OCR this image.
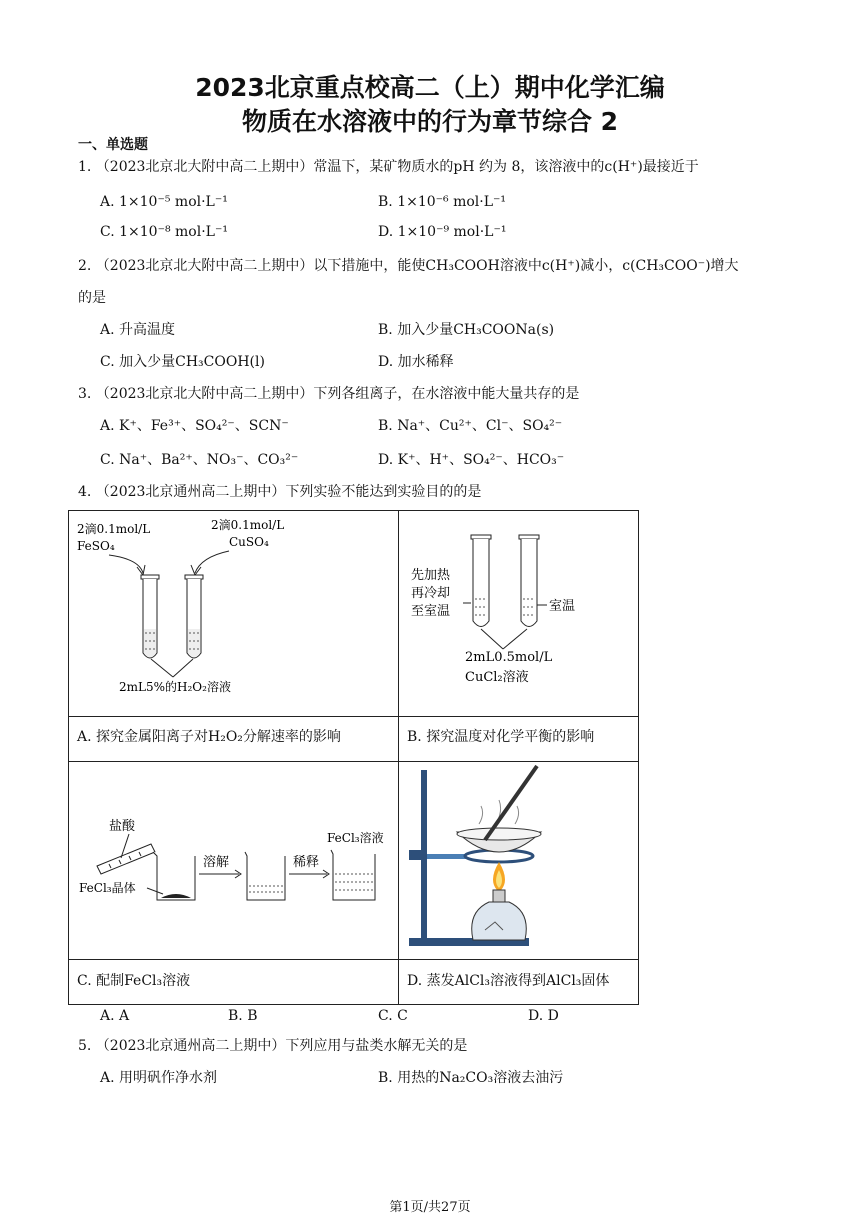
2023北京重点校高二（上）期中化学汇编
物质在水溶液中的行为章节综合 2
一、单选题
1. （2023北京北大附中高二上期中）常温下，某矿物质水的pH 约为 8，该溶液中的c(H⁺)最接近于
A. 1×10⁻⁵ mol·L⁻¹	B. 1×10⁻⁶ mol·L⁻¹
C. 1×10⁻⁸ mol·L⁻¹	D. 1×10⁻⁹ mol·L⁻¹
2. （2023北京北大附中高二上期中）以下措施中，能使CH₃COOH溶液中c(H⁺)减小，c(CH₃COO⁻)增大
的是
A. 升高温度	B. 加入少量CH₃COONa(s)
C. 加入少量CH₃COOH(l)	D. 加水稀释
3. （2023北京北大附中高二上期中）下列各组离子，在水溶液中能大量共存的是
A. K⁺、Fe³⁺、SO₄²⁻、SCN⁻	B. Na⁺、Cu²⁺、Cl⁻、SO₄²⁻
C. Na⁺、Ba²⁺、NO₃⁻、CO₃²⁻	D. K⁺、H⁺、SO₄²⁻、HCO₃⁻
4. （2023北京通州高二上期中）下列实验不能达到实验目的的是
2滴0.1mol/L
FeSO₄
2滴0.1mol/L
CuSO₄
2mL5%的H₂O₂溶液
先加热
再冷却
至室温	室温
2mL0.5mol/L
CuCl₂溶液
盐酸
FeCl₃晶体
溶解	稀释
FeCl₃溶液
A. 探究金属阳离子对H₂O₂分解速率的影响	B. 探究温度对化学平衡的影响
C. 配制FeCl₃溶液	D. 蒸发AlCl₃溶液得到AlCl₃固体
A. A	B. B	C. C	D. D
5. （2023北京通州高二上期中）下列应用与盐类水解无关的是
A. 用明矾作净水剂	B. 用热的Na₂CO₃溶液去油污
第1页/共27页
